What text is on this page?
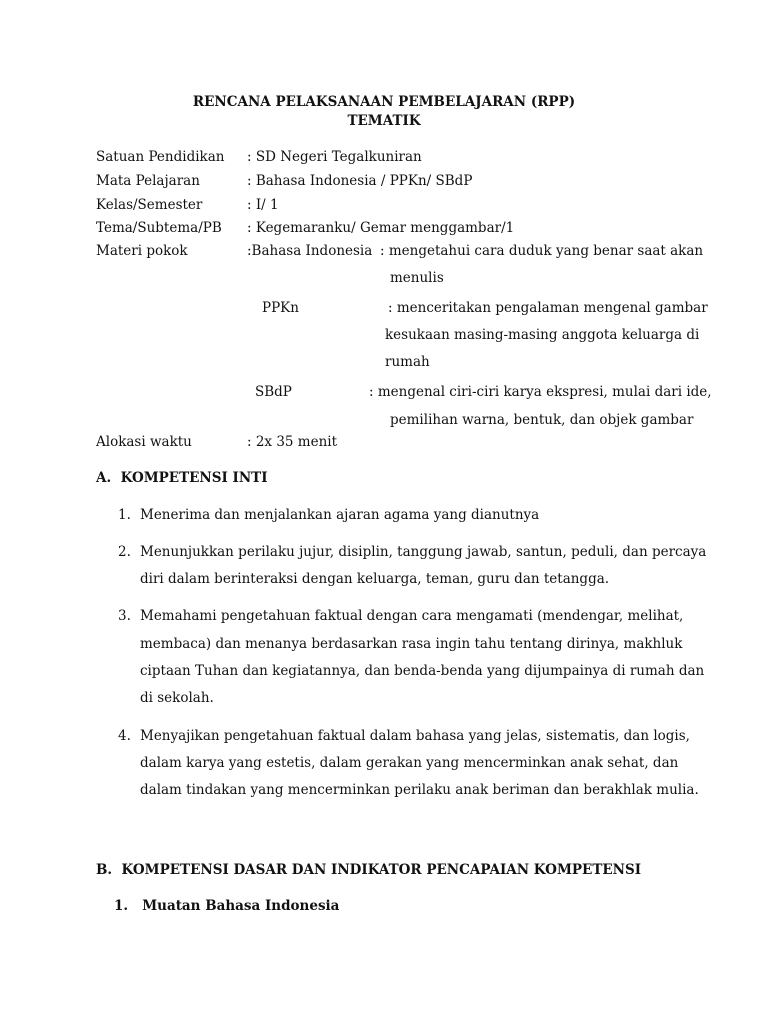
RENCANA PELAKSANAAN PEMBELAJARAN (RPP)
TEMATIK
Satuan Pendidikan : SD Negeri Tegalkuniran
Mata Pelajaran	: Bahasa Indonesia / PPKn/ SBdP
Kelas/Semester	: I/ 1
Tema/Subtema/PB : Kegemaranku/ Gemar menggambar/1
Materi pokok	:Bahasa Indonesia : mengetahui cara duduk yang benar saat akan
menulis
PPKn	: menceritakan pengalaman mengenal gambar
kesukaan masing-masing anggota keluarga di
rumah
SBdP	: mengenal ciri-ciri karya ekspresi, mulai dari ide,
pemilihan warna, bentuk, dan objek gambar
Alokasi waktu	: 2x 35 menit
A.  KOMPETENSI INTI
1. Menerima dan menjalankan ajaran agama yang dianutnya
2. Menunjukkan perilaku jujur, disiplin, tanggung jawab, santun, peduli, dan percaya
diri dalam berinteraksi dengan keluarga, teman, guru dan tetangga.
3. Memahami pengetahuan faktual dengan cara mengamati (mendengar, melihat,
membaca) dan menanya berdasarkan rasa ingin tahu tentang dirinya, makhluk
ciptaan Tuhan dan kegiatannya, dan benda-benda yang dijumpainya di rumah dan
di sekolah.
4. Menyajikan pengetahuan faktual dalam bahasa yang jelas, sistematis, dan logis,
dalam karya yang estetis, dalam gerakan yang mencerminkan anak sehat, dan
dalam tindakan yang mencerminkan perilaku anak beriman dan berakhlak mulia.
B.  KOMPETENSI DASAR DAN INDIKATOR PENCAPAIAN KOMPETENSI
1.   Muatan Bahasa Indonesia
